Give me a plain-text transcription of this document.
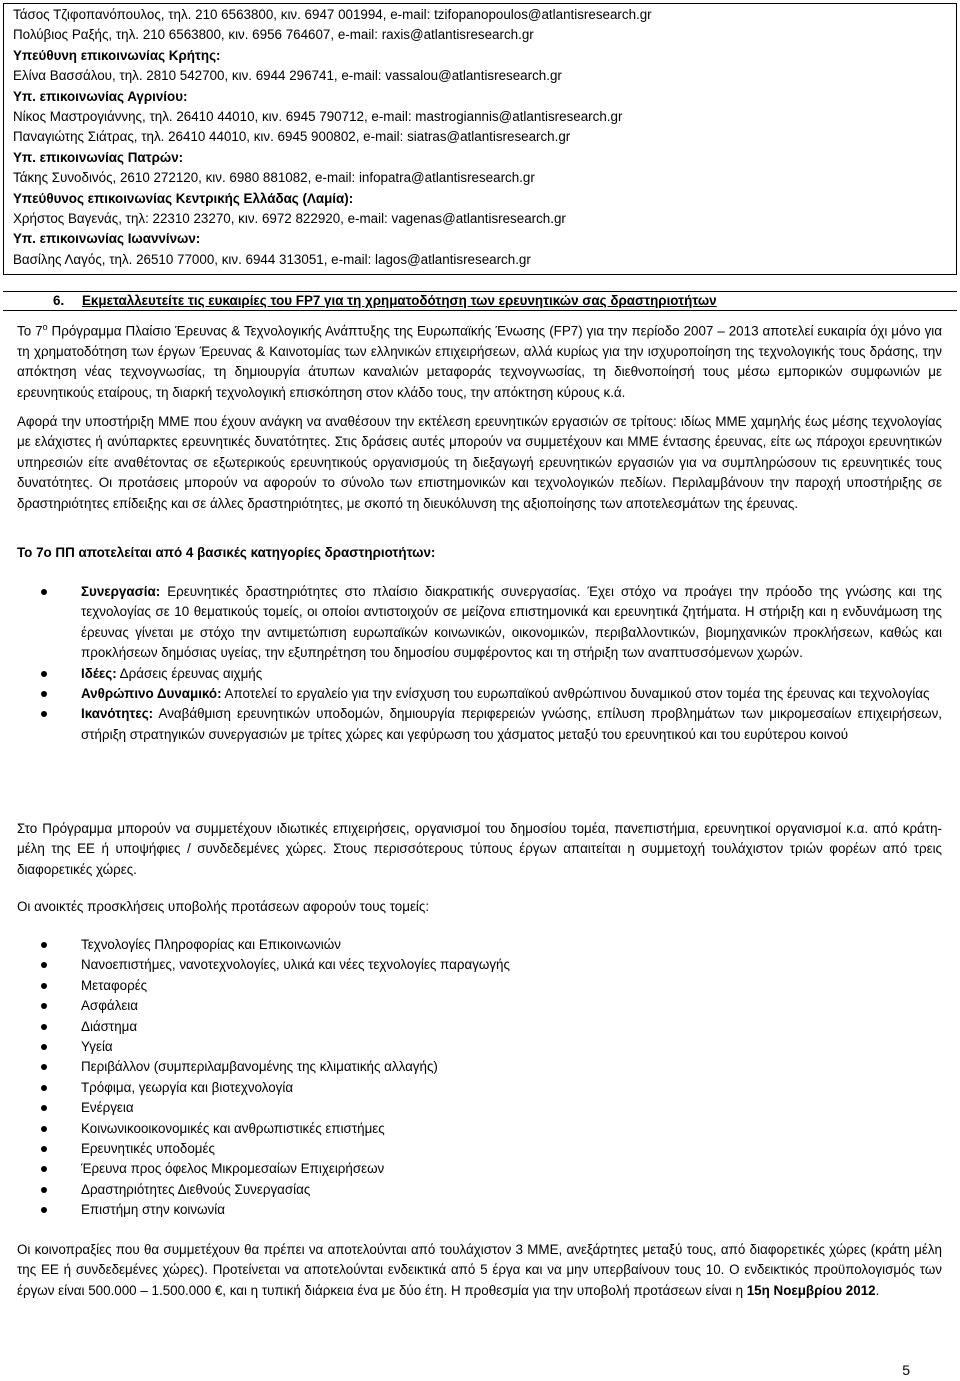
Τάσος Τζιφοπανόπουλος, τηλ. 210 6563800, κιν. 6947 001994, e-mail: tzifopanopoulos@atlantisresearch.gr
Πολύβιος Ραξής, τηλ. 210 6563800, κιν. 6956 764607, e-mail: raxis@atlantisresearch.gr
Υπεύθυνη επικοινωνίας Κρήτης:
Ελίνα Βασσάλου, τηλ. 2810 542700, κιν. 6944 296741, e-mail: vassalou@atlantisresearch.gr
Υπ. επικοινωνίας Αγρινίου:
Νίκος Μαστρογιάννης, τηλ. 26410 44010, κιν. 6945 790712, e-mail: mastrogiannis@atlantisresearch.gr
Παναγιώτης Σιάτρας, τηλ. 26410 44010, κιν. 6945 900802, e-mail: siatras@atlantisresearch.gr
Υπ. επικοινωνίας Πατρών:
Τάκης Συνοδινός, 2610 272120, κιν. 6980 881082, e-mail: infopatra@atlantisresearch.gr
Υπεύθυνος επικοινωνίας Κεντρικής Ελλάδας (Λαμία):
Χρήστος Βαγενάς, τηλ: 22310 23270, κιν. 6972 822920, e-mail: vagenas@atlantisresearch.gr
Υπ. επικοινωνίας Ιωαννίνων:
Βασίλης Λαγός, τηλ. 26510 77000, κιν. 6944 313051, e-mail: lagos@atlantisresearch.gr
6. Εκμεταλλευτείτε τις ευκαιρίες του FP7 για τη χρηματοδότηση των ερευνητικών σας δραστηριοτήτων

Το $7^o$ Πρόγραμμα Πλαίσιο Έρευνας & Τεχνολογικής Ανάπτυξης της Ευρωπαϊκής Ένωσης (FP7) για την περίοδο 2007 – 2013 αποτελεί ευκαιρία όχι μόνο για τη χρηματοδότηση των έργων Έρευνας & Καινοτομίας των ελληνικών επιχειρήσεων, αλλά κυρίως για την ισχυροποίηση της τεχνολογικής τους δράσης, την απόκτηση νέας τεχνογνωσίας, τη δημιουργία άτυπων καναλιών μεταφοράς τεχνογνωσίας, τη διεθνοποίησή τους μέσω εμπορικών συμφωνιών με ερευνητικούς εταίρους, τη διαρκή τεχνολογική επισκόπηση στον κλάδο τους, την απόκτηση κύρους κ.ά.

Αφορά την υποστήριξη ΜΜΕ που έχουν ανάγκη να αναθέσουν την εκτέλεση ερευνητικών εργασιών σε τρίτους: ιδίως ΜΜΕ χαμηλής έως μέσης τεχνολογίας με ελάχιστες ή ανύπαρκτες ερευνητικές δυνατότητες. Στις δράσεις αυτές μπορούν να συμμετέχουν και ΜΜΕ έντασης έρευνας, είτε ως πάροχοι ερευνητικών υπηρεσιών είτε αναθέτοντας σε εξωτερικούς ερευνητικούς οργανισμούς τη διεξαγωγή ερευνητικών εργασιών για να συμπληρώσουν τις ερευνητικές τους δυνατότητες. Οι προτάσεις μπορούν να αφορούν το σύνολο των επιστημονικών και τεχνολογικών πεδίων. Περιλαμβάνουν την παροχή υποστήριξης σε δραστηριότητες επίδειξης και σε άλλες δραστηριότητες, με σκοπό τη διευκόλυνση της αξιοποίησης των αποτελεσμάτων της έρευνας.

Το 7ο ΠΠ αποτελείται από 4 βασικές κατηγορίες δραστηριοτήτων:

Συνεργασία: Ερευνητικές δραστηριότητες στο πλαίσιο διακρατικής συνεργασίας. Έχει στόχο να προάγει την πρόοδο της γνώσης και της τεχνολογίας σε 10 θεματικούς τομείς, οι οποίοι αντιστοιχούν σε μείζονα επιστημονικά και ερευνητικά ζητήματα. Η στήριξη και η ενδυνάμωση της έρευνας γίνεται με στόχο την αντιμετώπιση ευρωπαϊκών κοινωνικών, οικονομικών, περιβαλλοντικών, βιομηχανικών προκλήσεων, καθώς και προκλήσεων δημόσιας υγείας, την εξυπηρέτηση του δημοσίου συμφέροντος και τη στήριξη των αναπτυσσόμενων χωρών.
Ιδέες: Δράσεις έρευνας αιχμής
Ανθρώπινο Δυναμικό: Αποτελεί το εργαλείο για την ενίσχυση του ευρωπαϊκού ανθρώπινου δυναμικού στον τομέα της έρευνας και τεχνολογίας
Ικανότητες: Αναβάθμιση ερευνητικών υποδομών, δημιουργία περιφερειών γνώσης, επίλυση προβλημάτων των μικρομεσαίων επιχειρήσεων, στήριξη στρατηγικών συνεργασιών με τρίτες χώρες και γεφύρωση του χάσματος μεταξύ του ερευνητικού και του ευρύτερου κοινού

Στο Πρόγραμμα μπορούν να συμμετέχουν ιδιωτικές επιχειρήσεις, οργανισμοί του δημοσίου τομέα, πανεπιστήμια, ερευνητικοί οργανισμοί κ.α. από κράτη-μέλη της ΕΕ ή υποψήφιες / συνδεδεμένες χώρες. Στους περισσότερους τύπους έργων απαιτείται η συμμετοχή τουλάχιστον τριών φορέων από τρεις διαφορετικές χώρες.

Οι ανοικτές προσκλήσεις υποβολής προτάσεων αφορούν τους τομείς:

Τεχνολογίες Πληροφορίας και Επικοινωνιών
Νανοεπιστήμες, νανοτεχνολογίες, υλικά και νέες τεχνολογίες παραγωγής
Μεταφορές
Ασφάλεια
Διάστημα
Υγεία
Περιβάλλον (συμπεριλαμβανομένης της κλιματικής αλλαγής)
Τρόφιμα, γεωργία και βιοτεχνολογία
Ενέργεια
Κοινωνικοοικονομικές και ανθρωπιστικές επιστήμες
Ερευνητικές υποδομές
Έρευνα προς όφελος Μικρομεσαίων Επιχειρήσεων
Δραστηριότητες Διεθνούς Συνεργασίας
Επιστήμη στην κοινωνία

Οι κοινοπραξίες που θα συμμετέχουν θα πρέπει να αποτελούνται από τουλάχιστον 3 ΜΜΕ, ανεξάρτητες μεταξύ τους, από διαφορετικές χώρες (κράτη μέλη της ΕΕ ή συνδεδεμένες χώρες). Προτείνεται να αποτελούνται ενδεικτικά από 5 έργα και να μην υπερβαίνουν τους 10. Ο ενδεικτικός προϋπολογισμός των έργων είναι 500.000 – 1.500.000 €, και η τυπική διάρκεια ένα με δύο έτη. Η προθεσμία για την υποβολή προτάσεων είναι η 15η Νοεμβρίου 2012.

5
